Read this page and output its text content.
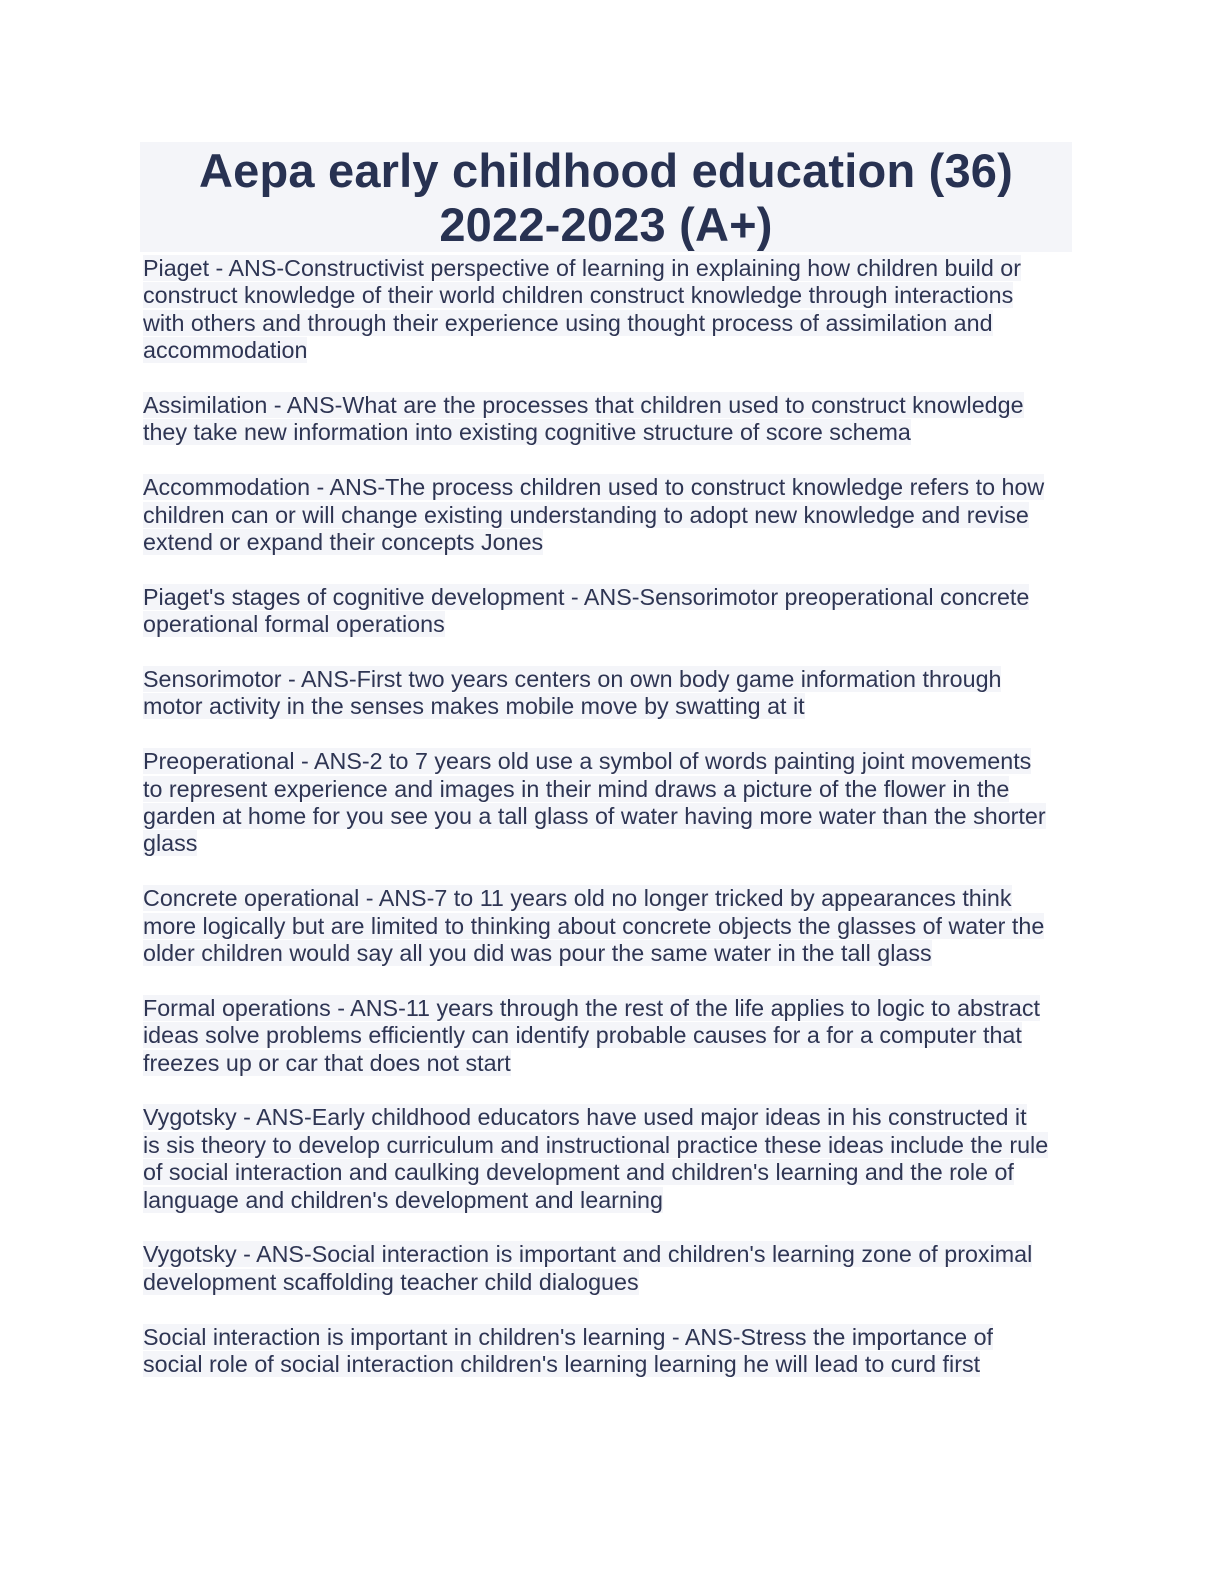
Aepa early childhood education (36)
2022-2023 (A+)
Piaget - ANS-Constructivist perspective of learning in explaining how children build or
construct knowledge of their world children construct knowledge through interactions
with others and through their experience using thought process of assimilation and
accommodation
Assimilation - ANS-What are the processes that children used to construct knowledge
they take new information into existing cognitive structure of score schema
Accommodation - ANS-The process children used to construct knowledge refers to how
children can or will change existing understanding to adopt new knowledge and revise
extend or expand their concepts Jones
Piaget's stages of cognitive development - ANS-Sensorimotor preoperational concrete
operational formal operations
Sensorimotor - ANS-First two years centers on own body game information through
motor activity in the senses makes mobile move by swatting at it
Preoperational - ANS-2 to 7 years old use a symbol of words painting joint movements
to represent experience and images in their mind draws a picture of the flower in the
garden at home for you see you a tall glass of water having more water than the shorter
glass
Concrete operational - ANS-7 to 11 years old no longer tricked by appearances think
more logically but are limited to thinking about concrete objects the glasses of water the
older children would say all you did was pour the same water in the tall glass
Formal operations - ANS-11 years through the rest of the life applies to logic to abstract
ideas solve problems efficiently can identify probable causes for a for a computer that
freezes up or car that does not start
Vygotsky - ANS-Early childhood educators have used major ideas in his constructed it
is sis theory to develop curriculum and instructional practice these ideas include the rule
of social interaction and caulking development and children's learning and the role of
language and children's development and learning
Vygotsky - ANS-Social interaction is important and children's learning zone of proximal
development scaffolding teacher child dialogues
Social interaction is important in children's learning - ANS-Stress the importance of
social role of social interaction children's learning learning he will lead to curd first
